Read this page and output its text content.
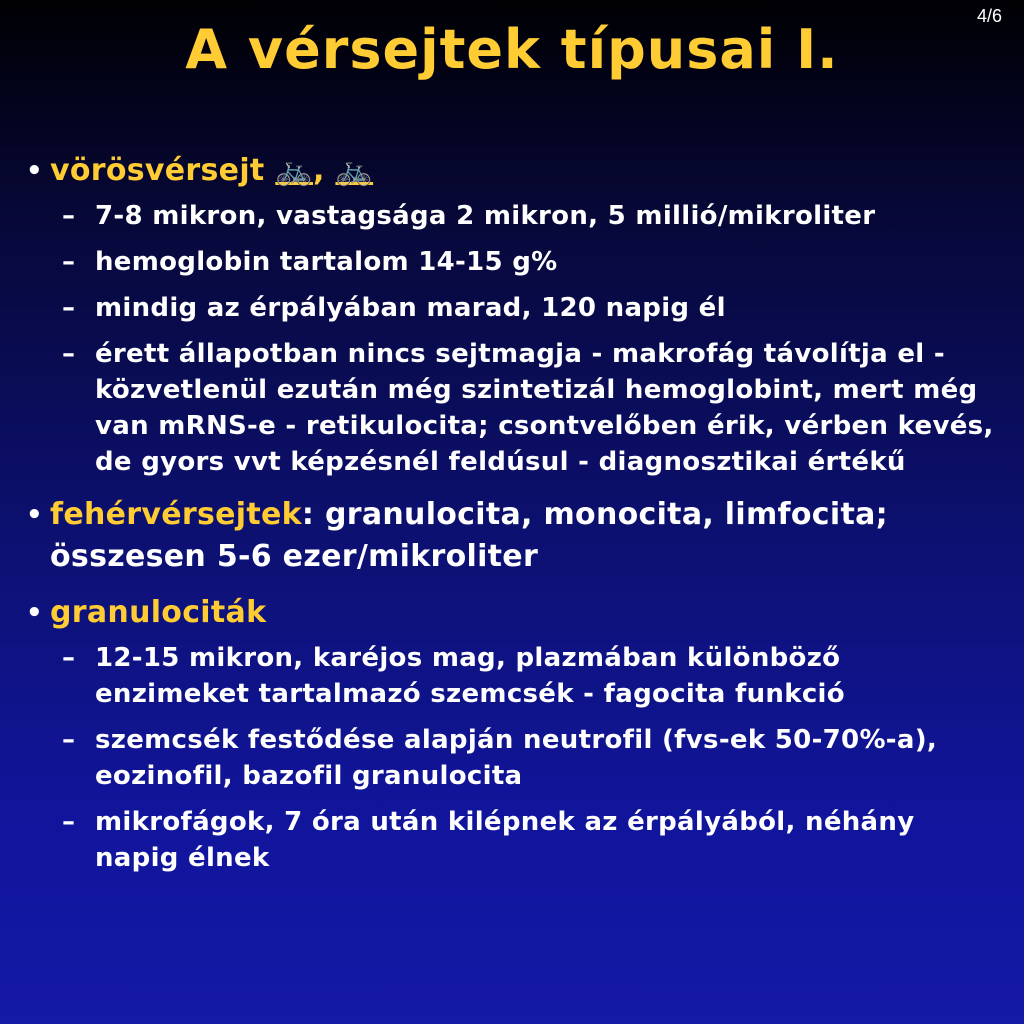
4/6
A vérsejtek típusai I.
• vörösvérsejt 🚲, 🚲
– 7-8 mikron, vastagsága 2 mikron, 5 millió/mikroliter
– hemoglobin tartalom 14-15 g%
– mindig az érpályában marad, 120 napig él
– érett állapotban nincs sejtmagja - makrofág távolítja el - közvetlenül ezután még szintetizál hemoglobint, mert még van mRNS-e - retikulocita; csontvelőben érik, vérben kevés, de gyors vvt képzésnél feldúsul - diagnosztikai értékű
• fehérvérsejtek: granulocita, monocita, limfocita; összesen 5-6 ezer/mikroliter
• granulociták
– 12-15 mikron, karéjos mag, plazmában különböző enzimeket tartalmazó szemcsék - fagocita funkció
– szemcsék festődése alapján neutrofil (fvs-ek 50-70%-a), eozinofil, bazofil granulocita
– mikrofágok, 7 óra után kilépnek az érpályából, néhány napig élnek
